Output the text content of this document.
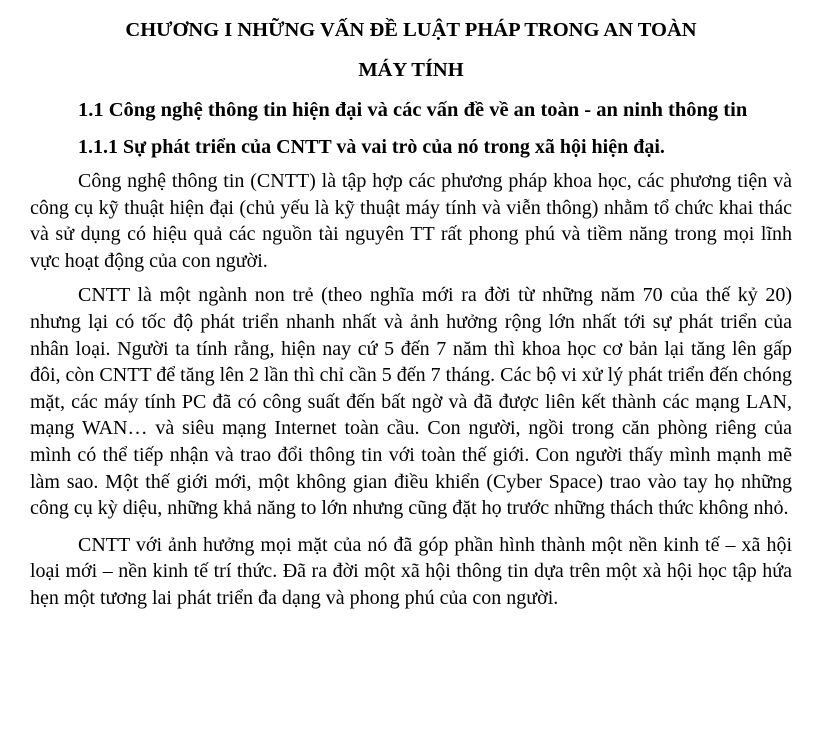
CHƯƠNG I NHỮNG VẤN ĐỀ LUẬT PHÁP TRONG AN TOÀN
MÁY TÍNH
1.1 Công nghệ thông tin hiện đại và các vấn đề về an toàn - an ninh thông tin
1.1.1 Sự phát triển của CNTT và vai trò của nó trong xã hội hiện đại.

Công nghệ thông tin (CNTT) là tập hợp các phương pháp khoa học, các phương tiện và công cụ kỹ thuật hiện đại (chủ yếu là kỹ thuật máy tính và viễn thông) nhằm tổ chức khai thác và sử dụng có hiệu quả các nguồn tài nguyên TT rất phong phú và tiềm năng trong mọi lĩnh vực hoạt động của con người.

CNTT là một ngành non trẻ (theo nghĩa mới ra đời từ những năm 70 của thế kỷ 20) nhưng lại có tốc độ phát triển nhanh nhất và ảnh hưởng rộng lớn nhất tới sự phát triển của nhân loại. Người ta tính rằng, hiện nay cứ 5 đến 7 năm thì khoa học cơ bản lại tăng lên gấp đôi, còn CNTT để tăng lên 2 lần thì chỉ cần 5 đến 7 tháng. Các bộ vi xử lý phát triển đến chóng mặt, các máy tính PC đã có công suất đến bất ngờ và đã được liên kết thành các mạng LAN, mạng WAN… và siêu mạng Internet toàn cầu. Con người, ngồi trong căn phòng riêng của mình có thể tiếp nhận và trao đổi thông tin với toàn thế giới. Con người thấy mình mạnh mẽ làm sao. Một thế giới mới, một không gian điều khiển (Cyber Space) trao vào tay họ những công cụ kỳ diệu, những khả năng to lớn nhưng cũng đặt họ trước những thách thức không nhỏ.

CNTT với ảnh hưởng mọi mặt của nó đã góp phần hình thành một nền kinh tế – xã hội loại mới – nền kinh tế trí thức. Đã ra đời một xã hội thông tin dựa trên một xà hội học tập hứa hẹn một tương lai phát triển đa dạng và phong phú của con người.
